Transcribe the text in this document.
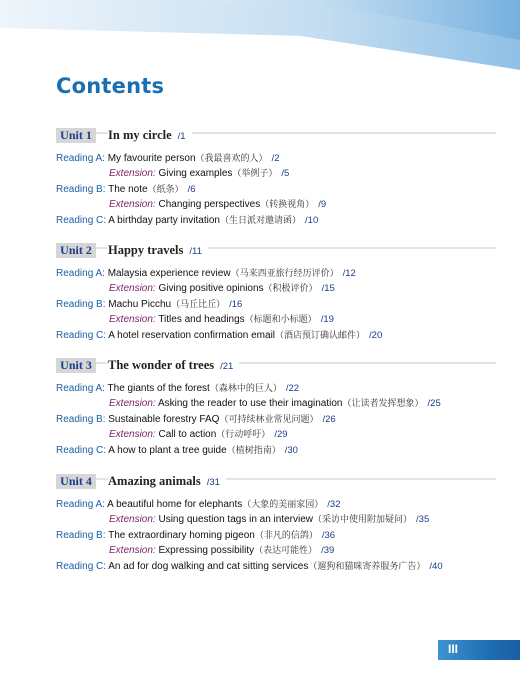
Contents
Unit 1	In my circle /1
Reading A: My favourite person（我最喜欢的人） /2
Extension: Giving examples（举例子） /5
Reading B: The note（纸条） /6
Extension: Changing perspectives（转换视角） /9
Reading C: A birthday party invitation（生日派对邀请函） /10
Unit 2	Happy travels /11
Reading A: Malaysia experience review（马来西亚旅行经历评价） /12
Extension: Giving positive opinions（积极评价） /15
Reading B: Machu Picchu（马丘比丘） /16
Extension: Titles and headings（标题和小标题） /19
Reading C: A hotel reservation confirmation email（酒店预订确认邮件） /20
Unit 3	The wonder of trees /21
Reading A: The giants of the forest（森林中的巨人） /22
Extension: Asking the reader to use their imagination（让读者发挥想象） /25
Reading B: Sustainable forestry FAQ（可持续林业常见问题） /26
Extension: Call to action（行动呼吁） /29
Reading C: A how to plant a tree guide（植树指南） /30
Unit 4	Amazing animals /31
Reading A: A beautiful home for elephants（大象的美丽家园） /32
Extension: Using question tags in an interview（采访中使用附加疑问） /35
Reading B: The extraordinary homing pigeon（非凡的信鸽） /36
Extension: Expressing possibility（表达可能性） /39
Reading C: An ad for dog walking and cat sitting services（遛狗和猫咪寄养服务广告） /40
III
